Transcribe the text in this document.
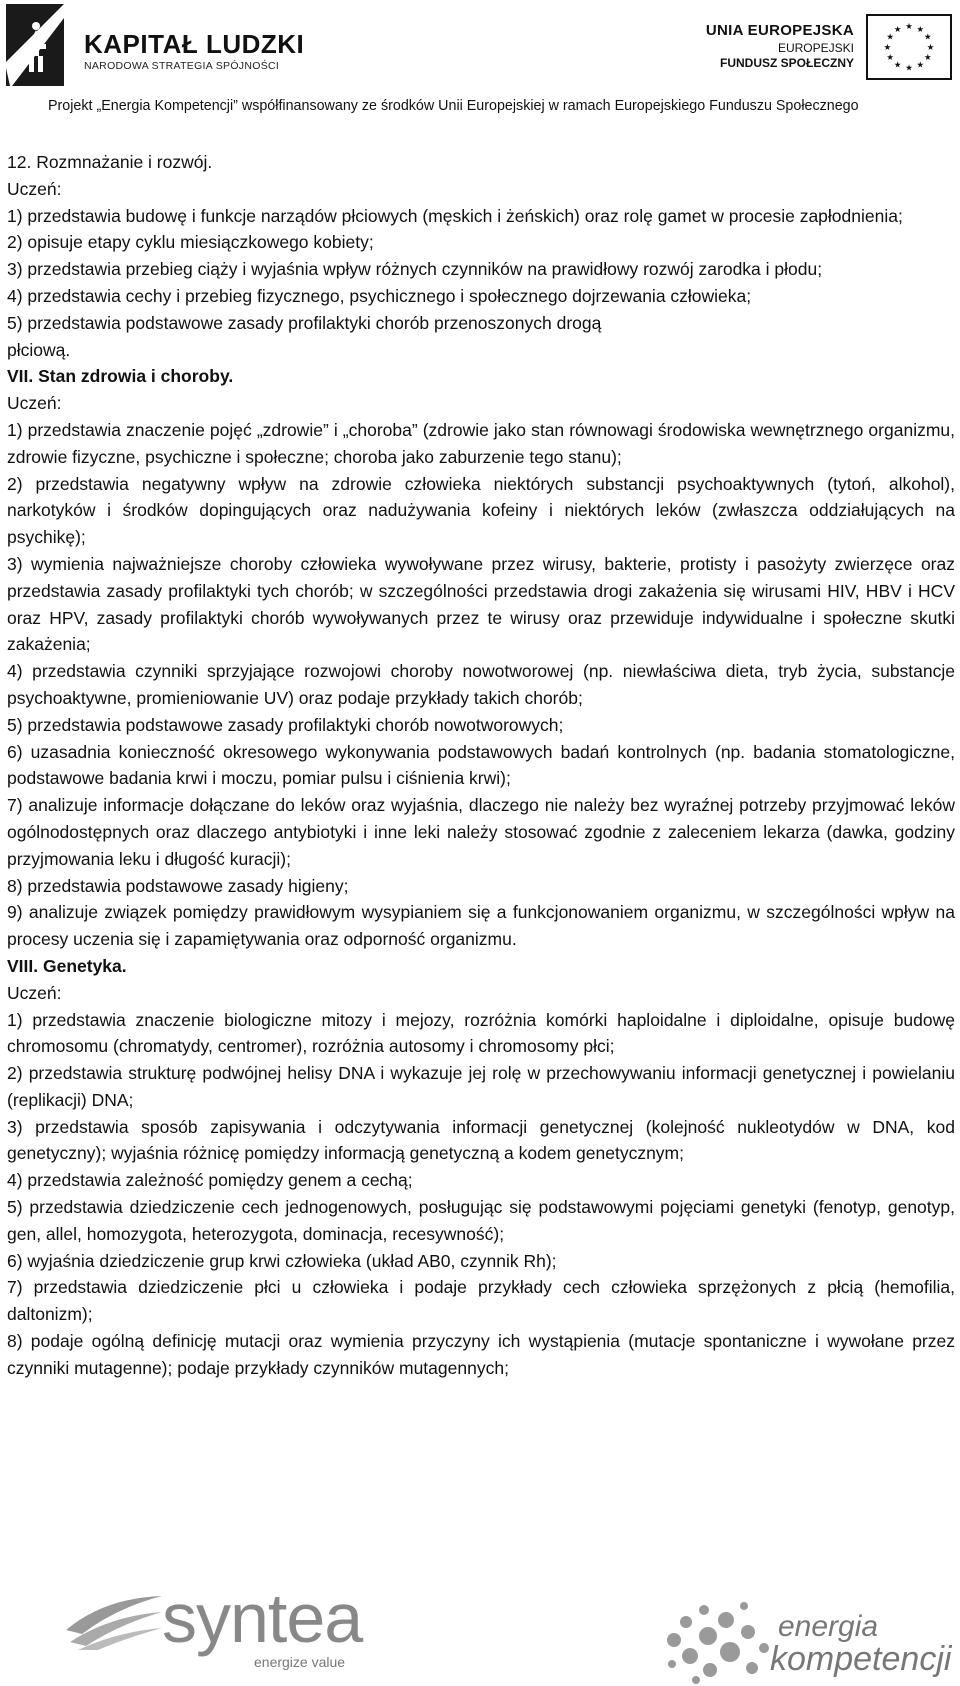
KAPITAŁ LUDZKI
NARODOWA STRATEGIA SPÓJNOŚCI
UNIA EUROPEJSKA
EUROPEJSKI
FUNDUSZ SPOŁECZNY
★ ★
★
★
★
★
★
★
★
★
★
★
Projekt „Energia Kompetencji” współfinansowany ze środków Unii Europejskiej w ramach Europejskiego Funduszu Społecznego

12. Rozmnażanie i rozwój.

Uczeń:

1) przedstawia budowę i funkcje narządów płciowych (męskich i żeńskich) oraz rolę gamet w procesie zapłodnienia;

2) opisuje etapy cyklu miesiączkowego kobiety;

3) przedstawia przebieg ciąży i wyjaśnia wpływ różnych czynników na prawidłowy rozwój zarodka i płodu;

4) przedstawia cechy i przebieg fizycznego, psychicznego i społecznego dojrzewania człowieka;

5) przedstawia podstawowe zasady profilaktyki chorób przenoszonych drogą

płciową.

VII. Stan zdrowia i choroby.

Uczeń:

1) przedstawia znaczenie pojęć „zdrowie” i „choroba” (zdrowie jako stan równowagi środowiska wewnętrznego organizmu, zdrowie fizyczne, psychiczne i społeczne; choroba jako zaburzenie tego stanu);

2) przedstawia negatywny wpływ na zdrowie człowieka niektórych substancji psychoaktywnych (tytoń, alkohol), narkotyków i środków dopingujących oraz nadużywania kofeiny i niektórych leków (zwłaszcza oddziałujących na psychikę);

3) wymienia najważniejsze choroby człowieka wywoływane przez wirusy, bakterie, protisty i pasożyty zwierzęce oraz przedstawia zasady profilaktyki tych chorób; w szczególności przedstawia drogi zakażenia się wirusami HIV, HBV i HCV oraz HPV, zasady profilaktyki chorób wywoływanych przez te wirusy oraz przewiduje indywidualne i społeczne skutki zakażenia;

4) przedstawia czynniki sprzyjające rozwojowi choroby nowotworowej (np. niewłaściwa dieta, tryb życia, substancje psychoaktywne, promieniowanie UV) oraz podaje przykłady takich chorób;

5) przedstawia podstawowe zasady profilaktyki chorób nowotworowych;

6) uzasadnia konieczność okresowego wykonywania podstawowych badań kontrolnych (np. badania stomatologiczne, podstawowe badania krwi i moczu, pomiar pulsu i ciśnienia krwi);

7) analizuje informacje dołączane do leków oraz wyjaśnia, dlaczego nie należy bez wyraźnej potrzeby przyjmować leków ogólnodostępnych oraz dlaczego antybiotyki i inne leki należy stosować zgodnie z zaleceniem lekarza (dawka, godziny przyjmowania leku i długość kuracji);

8) przedstawia podstawowe zasady higieny;

9) analizuje związek pomiędzy prawidłowym wysypianiem się a funkcjonowaniem organizmu, w szczególności wpływ na procesy uczenia się i zapamiętywania oraz odporność organizmu.

VIII. Genetyka.

Uczeń:

1) przedstawia znaczenie biologiczne mitozy i mejozy, rozróżnia komórki haploidalne i diploidalne, opisuje budowę chromosomu (chromatydy, centromer), rozróżnia autosomy i chromosomy płci;

2) przedstawia strukturę podwójnej helisy DNA i wykazuje jej rolę w przechowywaniu informacji genetycznej i powielaniu (replikacji) DNA;

3) przedstawia sposób zapisywania i odczytywania informacji genetycznej (kolejność nukleotydów w DNA, kod genetyczny); wyjaśnia różnicę pomiędzy informacją genetyczną a kodem genetycznym;

4) przedstawia zależność pomiędzy genem a cechą;

5) przedstawia dziedziczenie cech jednogenowych, posługując się podstawowymi pojęciami genetyki (fenotyp, genotyp, gen, allel, homozygota, heterozygota, dominacja, recesywność);

6) wyjaśnia dziedziczenie grup krwi człowieka (układ AB0, czynnik Rh);

7) przedstawia dziedziczenie płci u człowieka i podaje przykłady cech człowieka sprzężonych z płcią (hemofilia, daltonizm);

8) podaje ogólną definicję mutacji oraz wymienia przyczyny ich wystąpienia (mutacje spontaniczne i wywołane przez czynniki mutagenne); podaje przykłady czynników mutagennych;

syntea
energize value
energia
kompetencji
